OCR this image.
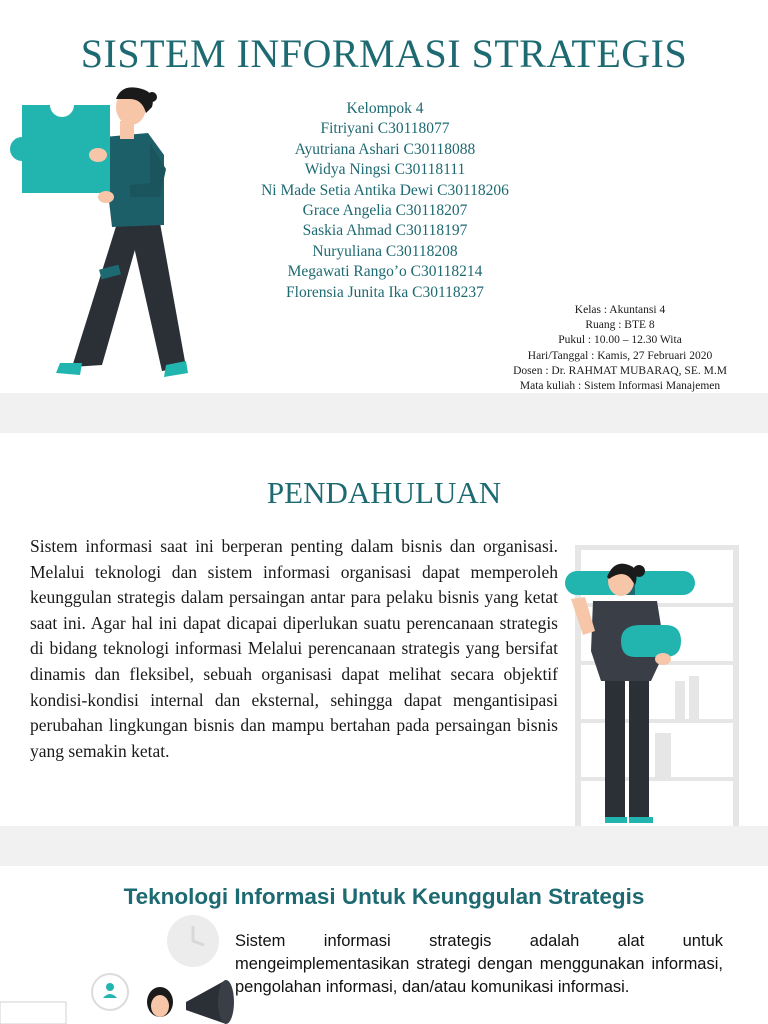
SISTEM INFORMASI STRATEGIS
Kelompok 4
Fitriyani C30118077
Ayutriana Ashari C30118088
Widya Ningsi C30118111
Ni Made Setia Antika Dewi C30118206
Grace Angelia C30118207
Saskia Ahmad C30118197
Nuryuliana C30118208
Megawati Rango’o C30118214
Florensia Junita Ika C30118237
Kelas : Akuntansi 4
Ruang : BTE 8
Pukul : 10.00 – 12.30 Wita
Hari/Tanggal : Kamis, 27 Februari 2020
Dosen : Dr. RAHMAT MUBARAQ, SE. M.M
Mata kuliah : Sistem Informasi Manajemen
PENDAHULUAN

Sistem informasi saat ini berperan penting dalam bisnis dan organisasi. Melalui teknologi dan sistem informasi organisasi dapat memperoleh keunggulan strategis dalam persaingan antar para pelaku bisnis yang ketat saat ini. Agar hal ini dapat dicapai diperlukan suatu perencanaan strategis di bidang teknologi informasi Melalui perencanaan strategis yang bersifat dinamis dan fleksibel, sebuah organisasi dapat melihat secara objektif kondisi-kondisi internal dan eksternal, sehingga dapat mengantisipasi perubahan lingkungan bisnis dan mampu bertahan pada persaingan bisnis yang semakin ketat.

Teknologi Informasi Untuk Keunggulan Strategis

Sistem informasi strategis adalah alat untuk mengeimplementasikan strategi dengan menggunakan informasi, pengolahan informasi, dan/atau komunikasi informasi.
